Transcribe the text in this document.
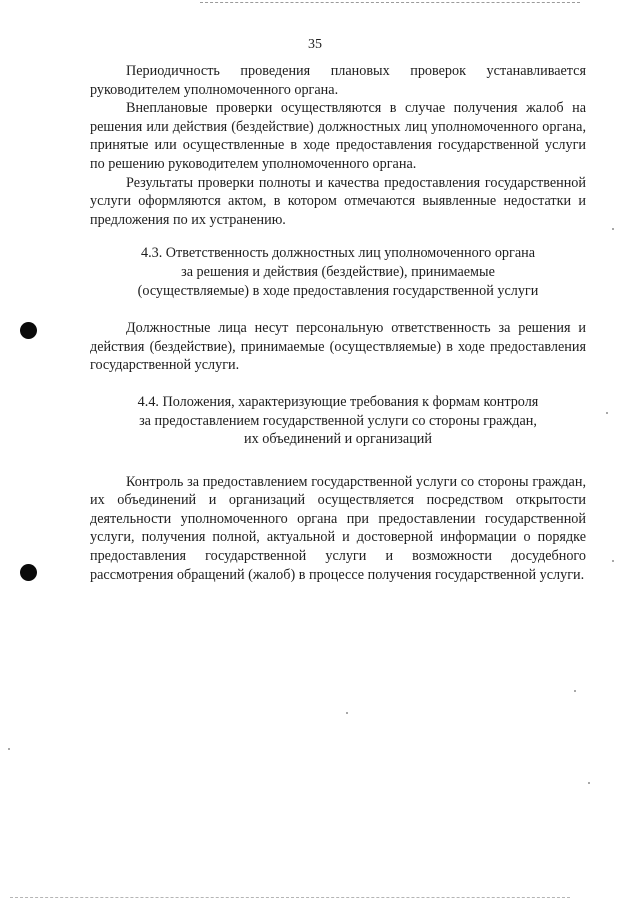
35

Периодичность проведения плановых проверок устанавливается руководителем уполномоченного органа.

Внеплановые проверки осуществляются в случае получения жалоб на решения или действия (бездействие) должностных лиц уполномоченного органа, принятые или осуществленные в ходе предоставления государственной услуги по решению руководителем уполномоченного органа.

Результаты проверки полноты и качества предоставления государственной услуги оформляются актом, в котором отмечаются выявленные недостатки и предложения по их устранению.

4.3. Ответственность должностных лиц уполномоченного органа за решения и действия (бездействие), принимаемые (осуществляемые) в ходе предоставления государственной услуги

Должностные лица несут персональную ответственность за решения и действия (бездействие), принимаемые (осуществляемые) в ходе предоставления государственной услуги.

4.4. Положения, характеризующие требования к формам контроля за предоставлением государственной услуги со стороны граждан, их объединений и организаций

Контроль за предоставлением государственной услуги со стороны граждан, их объединений и организаций осуществляется посредством открытости деятельности уполномоченного органа при предоставлении государственной услуги, получения полной, актуальной и достоверной информации о порядке предоставления государственной услуги и возможности досудебного рассмотрения обращений (жалоб) в процессе получения государственной услуги.
